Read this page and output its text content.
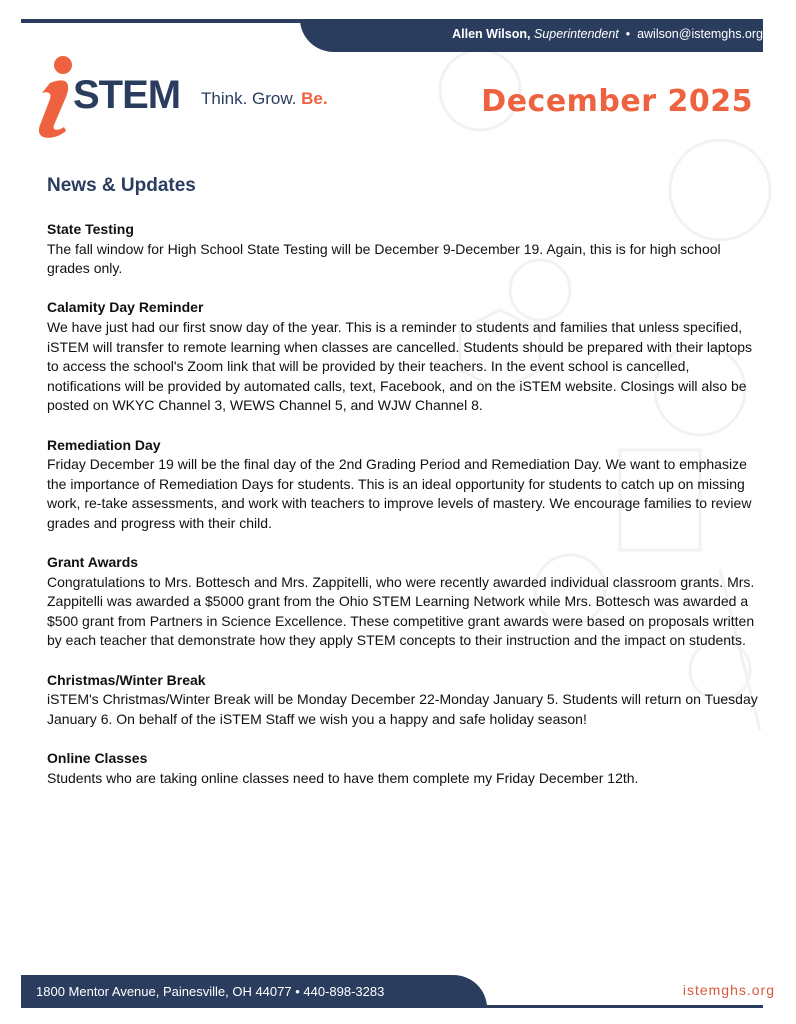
Allen Wilson, Superintendent • awilson@istemghs.org
STEM Think. Grow. Be.	December 2025
News & Updates
State Testing

The fall window for High School State Testing will be December 9-December 19. Again, this is for high school grades only.

Calamity Day Reminder

We have just had our first snow day of the year. This is a reminder to students and families that unless specified, iSTEM will transfer to remote learning when classes are cancelled. Students should be prepared with their laptops to access the school's Zoom link that will be provided by their teachers. In the event school is cancelled, notifications will be provided by automated calls, text, Facebook, and on the iSTEM website. Closings will also be posted on WKYC Channel 3, WEWS Channel 5, and WJW Channel 8.

Remediation Day

Friday December 19 will be the final day of the 2nd Grading Period and Remediation Day. We want to emphasize the importance of Remediation Days for students. This is an ideal opportunity for students to catch up on missing work, re-take assessments, and work with teachers to improve levels of mastery. We encourage families to review grades and progress with their child.

Grant Awards

Congratulations to Mrs. Bottesch and Mrs. Zappitelli, who were recently awarded individual classroom grants. Mrs. Zappitelli was awarded a $5000 grant from the Ohio STEM Learning Network while Mrs. Bottesch was awarded a $500 grant from Partners in Science Excellence. These competitive grant awards were based on proposals written by each teacher that demonstrate how they apply STEM concepts to their instruction and the impact on students.

Christmas/Winter Break

iSTEM's Christmas/Winter Break will be Monday December 22-Monday January 5. Students will return on Tuesday January 6. On behalf of the iSTEM Staff we wish you a happy and safe holiday season!

Online Classes

Students who are taking online classes need to have them complete my Friday December 12th.

1800 Mentor Avenue, Painesville, OH 44077 • 440-898-3283	istemghs.org
